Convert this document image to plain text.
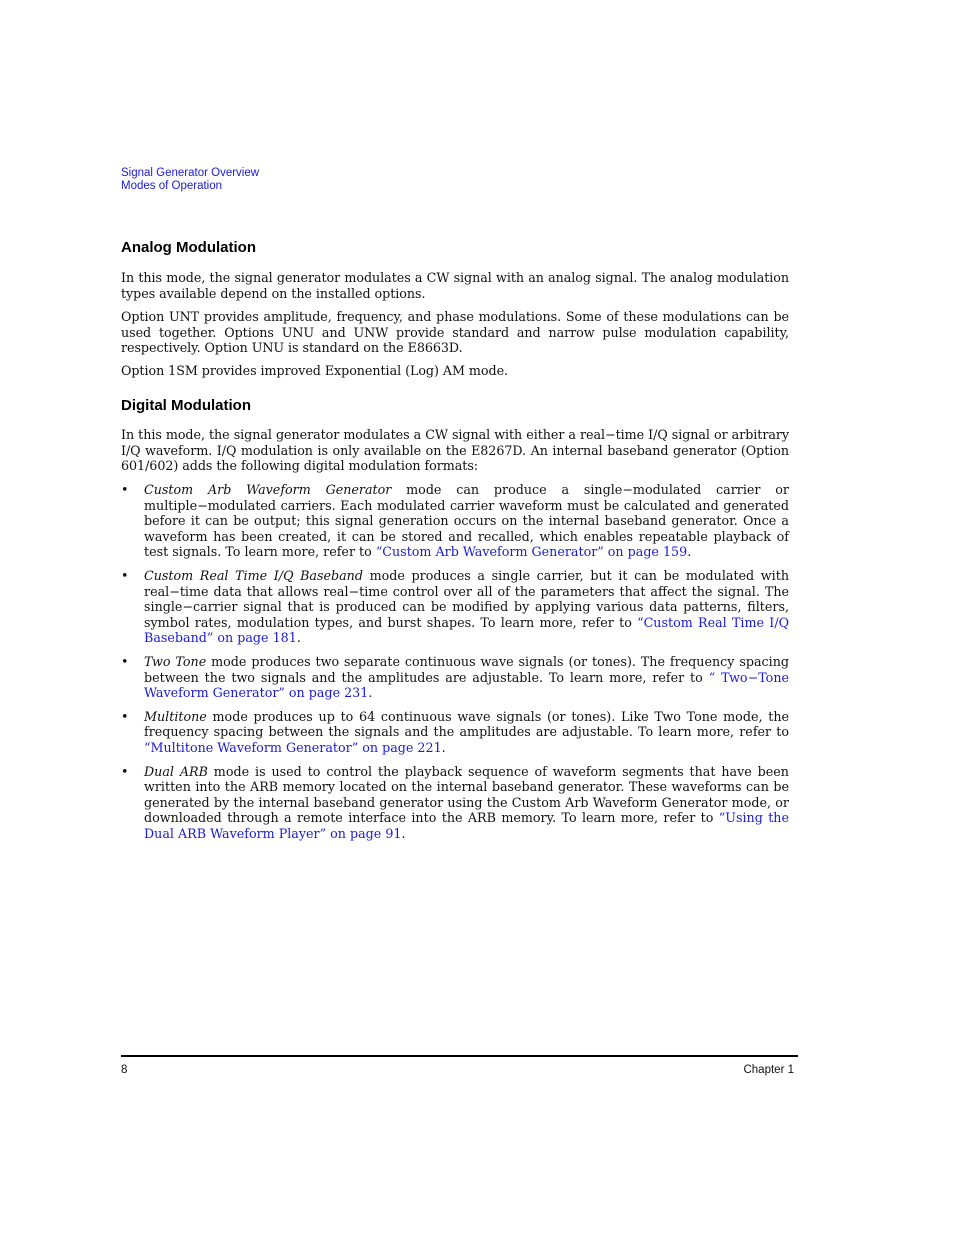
Signal Generator Overview
Modes of Operation
Analog Modulation

In this mode, the signal generator modulates a CW signal with an analog signal. The analog modulation types available depend on the installed options.

Option UNT provides amplitude, frequency, and phase modulations. Some of these modulations can be used together. Options UNU and UNW provide standard and narrow pulse modulation capability, respectively. Option UNU is standard on the E8663D.

Option 1SM provides improved Exponential (Log) AM mode.

Digital Modulation

In this mode, the signal generator modulates a CW signal with either a real−time I/Q signal or arbitrary I/Q waveform. I/Q modulation is only available on the E8267D. An internal baseband generator (Option 601/602) adds the following digital modulation formats:

• Custom Arb Waveform Generator mode can produce a single−modulated carrier or multiple−modulated carriers. Each modulated carrier waveform must be calculated and generated before it can be output; this signal generation occurs on the internal baseband generator. Once a waveform has been created, it can be stored and recalled, which enables repeatable playback of test signals. To learn more, refer to “Custom Arb Waveform Generator” on page 159.
• Custom Real Time I/Q Baseband mode produces a single carrier, but it can be modulated with real−time data that allows real−time control over all of the parameters that affect the signal. The single−carrier signal that is produced can be modified by applying various data patterns, filters, symbol rates, modulation types, and burst shapes. To learn more, refer to “Custom Real Time I/Q Baseband” on page 181.
• Two Tone mode produces two separate continuous wave signals (or tones). The frequency spacing between the two signals and the amplitudes are adjustable. To learn more, refer to “ Two−Tone Waveform Generator” on page 231.
• Multitone mode produces up to 64 continuous wave signals (or tones). Like Two Tone mode, the frequency spacing between the signals and the amplitudes are adjustable. To learn more, refer to “Multitone Waveform Generator” on page 221.
• Dual ARB mode is used to control the playback sequence of waveform segments that have been written into the ARB memory located on the internal baseband generator. These waveforms can be generated by the internal baseband generator using the Custom Arb Waveform Generator mode, or downloaded through a remote interface into the ARB memory. To learn more, refer to “Using the Dual ARB Waveform Player” on page 91.
8	Chapter 1
